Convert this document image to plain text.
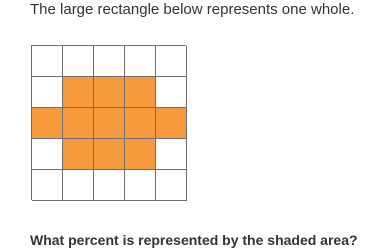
The large rectangle below represents one whole.
What percent is represented by the shaded area?
